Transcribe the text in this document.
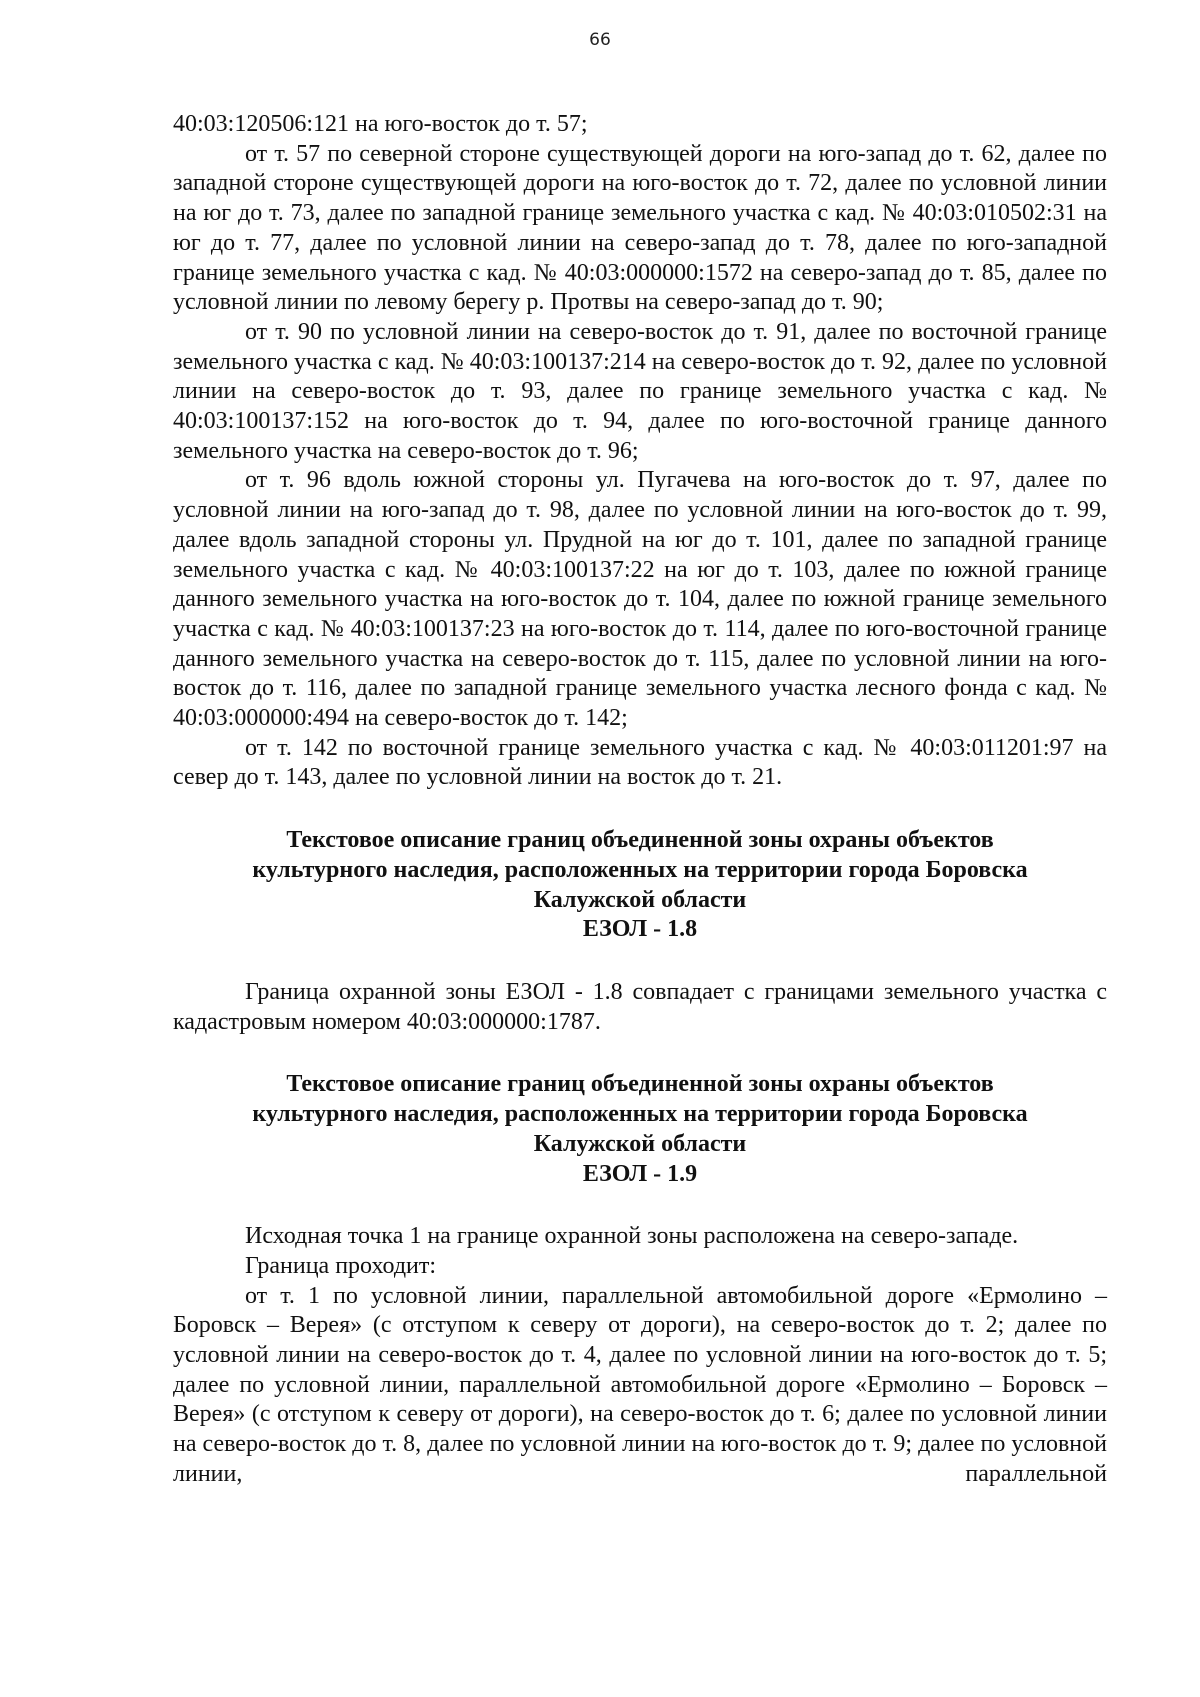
66

40:03:120506:121 на юго-восток до т. 57;

от т. 57 по северной стороне существующей дороги на юго-запад до т. 62, далее по западной стороне существующей дороги на юго-восток до т. 72, далее по условной линии на юг до т. 73, далее по западной границе земельного участка с кад. № 40:03:010502:31 на юг до т. 77, далее по условной линии на северо-запад до т. 78, далее по юго-западной границе земельного участка с кад. № 40:03:000000:1572 на северо-запад до т. 85, далее по условной линии по левому берегу р. Протвы на северо-запад до т. 90;

от т. 90 по условной линии на северо-восток до т. 91, далее по восточной границе земельного участка с кад. № 40:03:100137:214 на северо-восток до т. 92, далее по условной линии на северо-восток до т. 93, далее по границе земельного участка с кад. № 40:03:100137:152 на юго-восток до т. 94, далее по юго-восточной границе данного земельного участка на северо-восток до т. 96;

от т. 96 вдоль южной стороны ул. Пугачева на юго-восток до т. 97, далее по условной линии на юго-запад до т. 98, далее по условной линии на юго-восток до т. 99, далее вдоль западной стороны ул. Прудной на юг до т. 101, далее по западной границе земельного участка с кад. № 40:03:100137:22 на юг до т. 103, далее по южной границе данного земельного участка на юго-восток до т. 104, далее по южной границе земельного участка с кад. № 40:03:100137:23 на юго-восток до т. 114, далее по юго-восточной границе данного земельного участка на северо-восток до т. 115, далее по условной линии на юго-восток до т. 116, далее по западной границе земельного участка лесного фонда с кад. № 40:03:000000:494 на северо-восток до т. 142;

от т. 142 по восточной границе земельного участка с кад. № 40:03:011201:97 на север до т. 143, далее по условной линии на восток до т. 21.

Текстовое описание границ объединенной зоны охраны объектов
культурного наследия, расположенных на территории города Боровска
Калужской области
ЕЗОЛ - 1.8

Граница охранной зоны ЕЗОЛ - 1.8 совпадает с границами земельного участка с кадастровым номером 40:03:000000:1787.

Текстовое описание границ объединенной зоны охраны объектов
культурного наследия, расположенных на территории города Боровска
Калужской области
ЕЗОЛ - 1.9

Исходная точка 1 на границе охранной зоны расположена на северо-западе.

Граница проходит:

от т. 1 по условной линии, параллельной автомобильной дороге «Ермолино – Боровск – Верея» (с отступом к северу от дороги), на северо-восток до т. 2; далее по условной линии на северо-восток до т. 4, далее по условной линии на юго-восток до т. 5; далее по условной линии, параллельной автомобильной дороге «Ермолино – Боровск – Верея» (с отступом к северу от дороги), на северо-восток до т. 6; далее по условной линии на северо-восток до т. 8, далее по условной линии на юго-восток до т. 9; далее по условной линии, параллельной
